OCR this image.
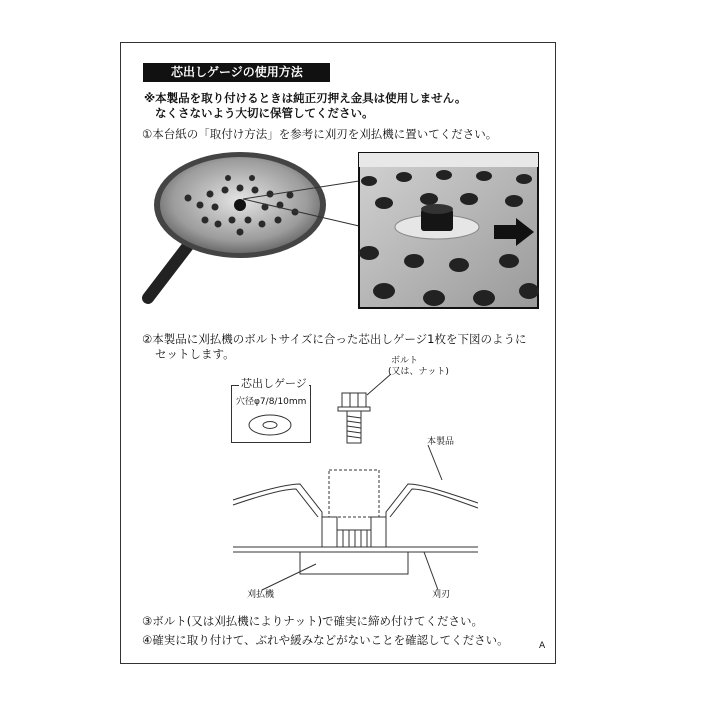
芯出しゲージの使用方法
※本製品を取り付けるときは純正刃押え金具は使用しません。
なくさないよう大切に保管してください。
①本台紙の「取付け方法」を参考に刈刃を刈払機に置いてください。
②本製品に刈払機のボルトサイズに合った芯出しゲージ1枚を下図のように
セットします。
芯出しゲージ
穴径φ7/8/10mm
ボルト
(又は、ナット)
本製品
刈払機	刈刃
③ボルト(又は刈払機によりナット)で確実に締め付けてください。
④確実に取り付けて、ぶれや緩みなどがないことを確認してください。	A
